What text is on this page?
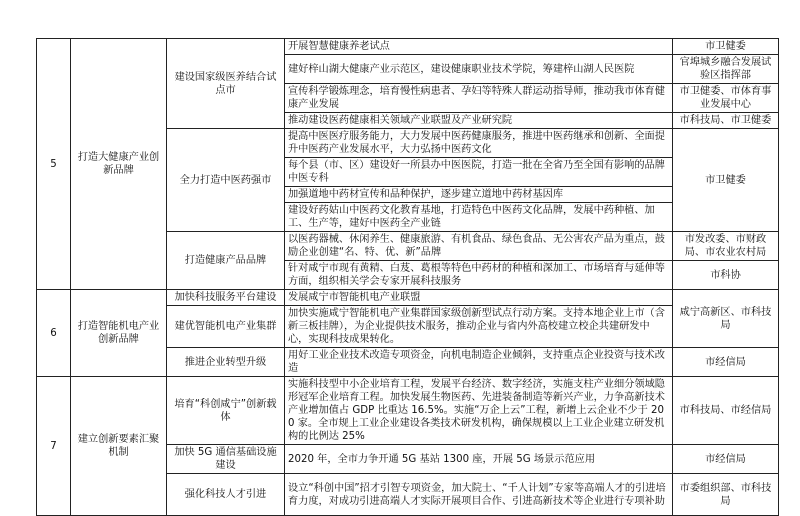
5	打造大健康产业创新品牌	建设国家级医养结合试点市	开展智慧健康养老试点	市卫健委
			建好梓山湖大健康产业示范区，建设健康职业技术学院，筹建梓山湖人民医院	官埠城乡融合发展试验区指挥部
			宣传科学锻炼理念，培育慢性病患者、孕妇等特殊人群运动指导师，推动我市体育健康产业发展	市卫健委、市体育事业发展中心
			推动建设医药健康相关领域产业联盟及产业研究院	市科技局、市卫健委
		全力打造中医药强市	提高中医医疗服务能力，大力发展中医药健康服务，推进中医药继承和创新、全面提升中医药产业发展水平，大力弘扬中医药文化	市卫健委
			每个县（市、区）建设好一所县办中医医院，打造一批在全省乃至全国有影响的品牌中医专科	
			加强道地中药材宣传和品种保护，逐步建立道地中药材基因库	
			建设好药姑山中医药文化教育基地，打造特色中医药文化品牌，发展中药种植、加工、生产等，建好中医药全产业链	
		打造健康产品品牌	以医药器械、休闲养生、健康旅游、有机食品、绿色食品、无公害农产品为重点，鼓励企业创建“名、特、优、新”品牌	市发改委、市财政局、市农业农村局
			针对咸宁市现有黄精、白芨、葛根等特色中药材的种植和深加工、市场培育与延伸等方面，组织相关学会专家开展科技服务	市科协
6	打造智能机电产业创新品牌	加快科技服务平台建设	发展咸宁市智能机电产业联盟	咸宁高新区、市科技局
		建优智能机电产业集群	加快实施咸宁智能机电产业集群国家级创新型试点行动方案。支持本地企业上市（含新三板挂牌），为企业提供技术服务，推动企业与省内外高校建立校企共建研发中心，实现科技成果转化。	
		推进企业转型升级	用好工业企业技术改造专项资金，向机电制造企业倾斜，支持重点企业投资与技术改造	市经信局
7	建立创新要素汇聚机制	培育“科创咸宁”创新载体	实施科技型中小企业培育工程，发展平台经济、数字经济，实施支柱产业细分领域隐形冠军企业培育工程。加快发展生物医药、先进装备制造等新兴产业，力争高新技术产业增加值占 GDP 比重达 16.5%。实施“万企上云”工程，新增上云企业不少于 200 家。全市规上工业企业建设各类技术研发机构，确保规模以上工业企业建立研发机构的比例达 25%	市科技局、市经信局
		加快 5G 通信基础设施建设	2020 年，全市力争开通 5G 基站 1300 座，开展 5G 场景示范应用	市经信局
		强化科技人才引进	设立“科创中国”招才引智专项资金，加大院士、“千人计划”专家等高端人才的引进培育力度，对成功引进高端人才实际开展项目合作、引进高新技术等企业进行专项补助	市委组织部、市科技局
